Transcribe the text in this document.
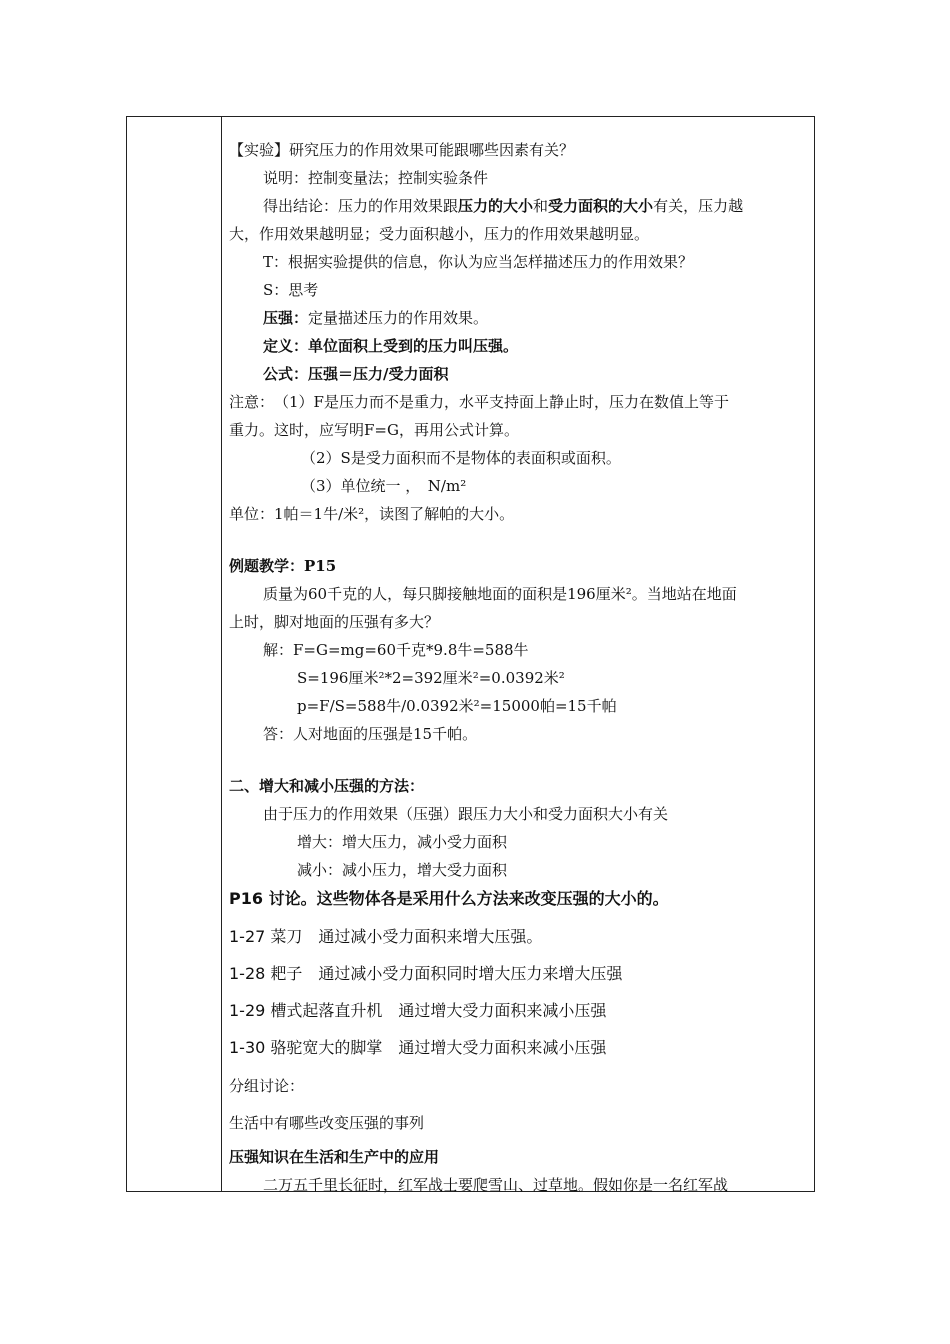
【实验】研究压力的作用效果可能跟哪些因素有关？
说明：控制变量法；控制实验条件
得出结论：压力的作用效果跟压力的大小和受力面积的大小有关，压力越
大，作用效果越明显；受力面积越小，压力的作用效果越明显。
T：根据实验提供的信息，你认为应当怎样描述压力的作用效果？
S：思考
压强：定量描述压力的作用效果。
定义：单位面积上受到的压力叫压强。
公式：压强＝压力/受力面积
注意：　（1）F是压力而不是重力，水平支持面上静止时，压力在数值上等于
重力。这时，应写明F=G，再用公式计算。
（2）S是受力面积而不是物体的表面积或面积。
（3）单位统一 ，　N/m²
单位：1帕＝1牛/米²，读图了解帕的大小。
例题教学：P15
质量为60千克的人，每只脚接触地面的面积是196厘米²。当地站在地面
上时，脚对地面的压强有多大？
解：F=G=mg=60千克*9.8牛=588牛
S=196厘米²*2=392厘米²=0.0392米²
p=F/S=588牛/0.0392米²=15000帕=15千帕
答：人对地面的压强是15千帕。
二、增大和减小压强的方法：
由于压力的作用效果（压强）跟压力大小和受力面积大小有关
增大：增大压力，减小受力面积
减小：减小压力，增大受力面积
P16 讨论。这些物体各是采用什么方法来改变压强的大小的。
1-27 菜刀　通过减小受力面积来增大压强。
1-28 耙子　通过减小受力面积同时增大压力来增大压强
1-29 槽式起落直升机　通过增大受力面积来减小压强
1-30 骆驼宽大的脚掌　通过增大受力面积来减小压强
分组讨论：
生活中有哪些改变压强的事列
压强知识在生活和生产中的应用
二万五千里长征时，红军战士要爬雪山、过草地。假如你是一名红军战
